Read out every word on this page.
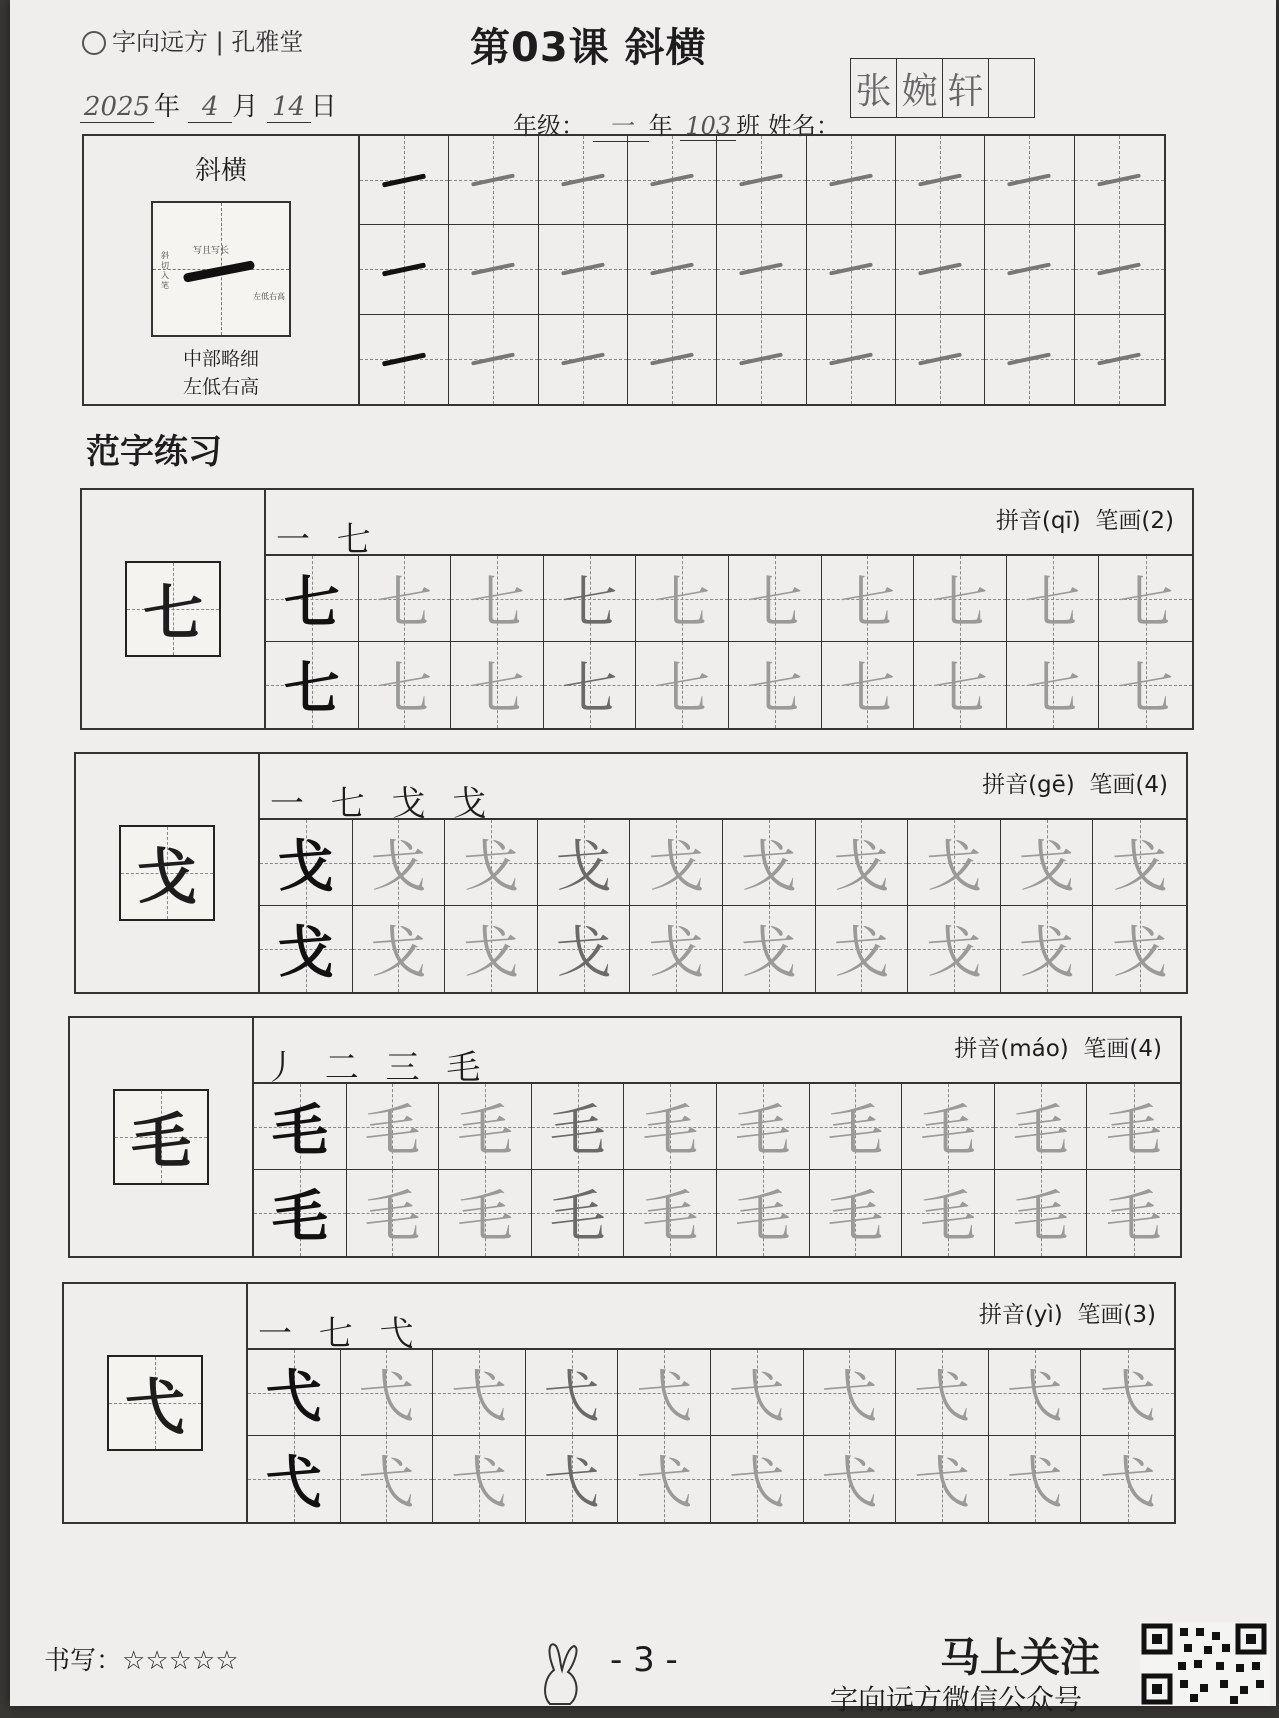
字向远方 | 孔雅堂	第03课 斜横
2025 年 4 月 14 日
年级： 一 年 103 班 姓名：
张 婉 轩
斜横
写且写长
斜切入笔
左低右高
中部略细
左低右高
范字练习
七
一 七	拼音(qī) 笔画(2)
七 七 七 七 七 七 七 七 七 七
七 七 七 七 七 七 七 七 七 七
戈
一 七 戈 戈	拼音(gē) 笔画(4)
戈 戈 戈 戈 戈 戈 戈 戈 戈 戈
戈 戈 戈 戈 戈 戈 戈 戈 戈 戈
毛
丿 二 三 毛	拼音(máo) 笔画(4)
毛 毛 毛 毛 毛 毛 毛 毛 毛 毛
毛 毛 毛 毛 毛 毛 毛 毛 毛 毛
弋
一 七 弋	拼音(yì) 笔画(3)
弋 弋 弋 弋 弋 弋 弋 弋 弋 弋
弋 弋 弋 弋 弋 弋 弋 弋 弋 弋
书写：☆☆☆☆☆	- 3 -	马上关注
字向远方微信公众号
